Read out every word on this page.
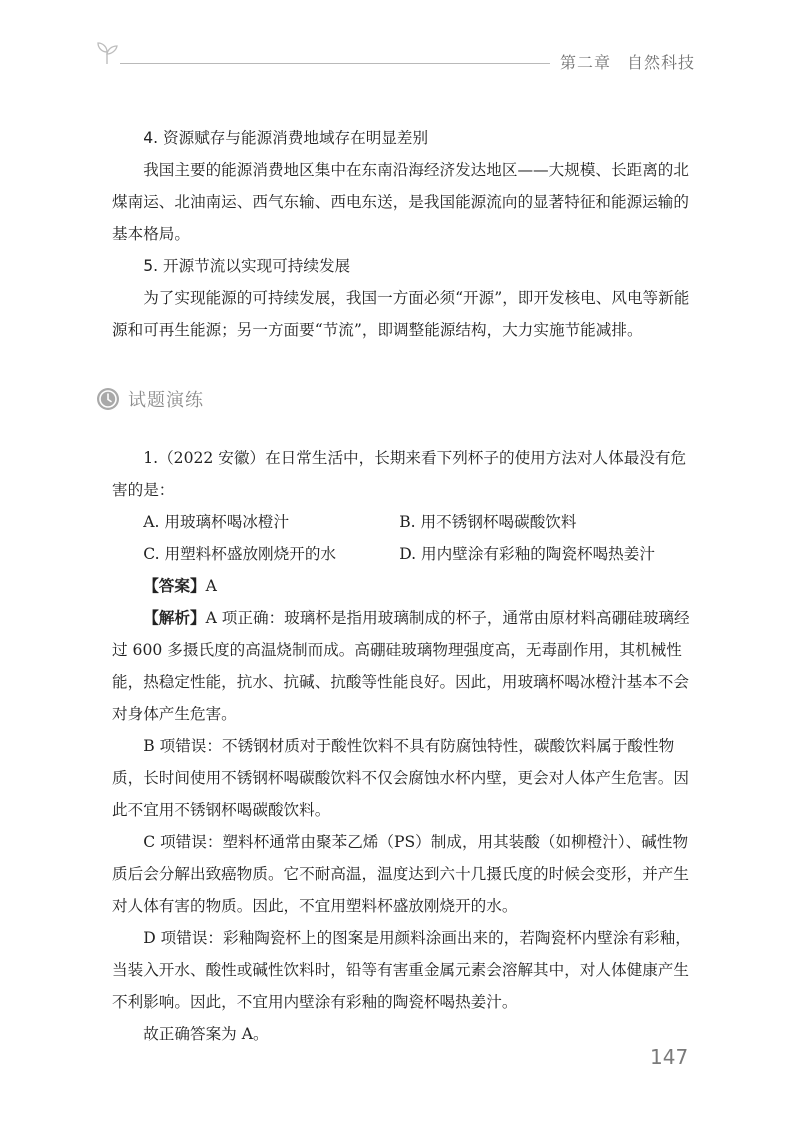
第二章 自然科技

4. 资源赋存与能源消费地域存在明显差别

我国主要的能源消费地区集中在东南沿海经济发达地区——大规模、长距离的北煤南运、北油南运、西气东输、西电东送，是我国能源流向的显著特征和能源运输的基本格局。

5. 开源节流以实现可持续发展

为了实现能源的可持续发展，我国一方面必须“开源”，即开发核电、风电等新能源和可再生能源；另一方面要“节流”，即调整能源结构，大力实施节能减排。

试题演练

1.（2022 安徽）在日常生活中，长期来看下列杯子的使用方法对人体最没有危害的是：

A. 用玻璃杯喝冰橙汁	B. 用不锈钢杯喝碳酸饮料
C. 用塑料杯盛放刚烧开的水	D. 用内壁涂有彩釉的陶瓷杯喝热姜汁

【答案】A

【解析】A 项正确：玻璃杯是指用玻璃制成的杯子，通常由原材料高硼硅玻璃经过 600 多摄氏度的高温烧制而成。高硼硅玻璃物理强度高，无毒副作用，其机械性能，热稳定性能，抗水、抗碱、抗酸等性能良好。因此，用玻璃杯喝冰橙汁基本不会对身体产生危害。

B 项错误：不锈钢材质对于酸性饮料不具有防腐蚀特性，碳酸饮料属于酸性物质，长时间使用不锈钢杯喝碳酸饮料不仅会腐蚀水杯内壁，更会对人体产生危害。因此不宜用不锈钢杯喝碳酸饮料。

C 项错误：塑料杯通常由聚苯乙烯（PS）制成，用其装酸（如柳橙汁）、碱性物质后会分解出致癌物质。它不耐高温，温度达到六十几摄氏度的时候会变形，并产生对人体有害的物质。因此，不宜用塑料杯盛放刚烧开的水。

D 项错误：彩釉陶瓷杯上的图案是用颜料涂画出来的，若陶瓷杯内壁涂有彩釉，当装入开水、酸性或碱性饮料时，铅等有害重金属元素会溶解其中，对人体健康产生不利影响。因此，不宜用内壁涂有彩釉的陶瓷杯喝热姜汁。

故正确答案为 A。

147
